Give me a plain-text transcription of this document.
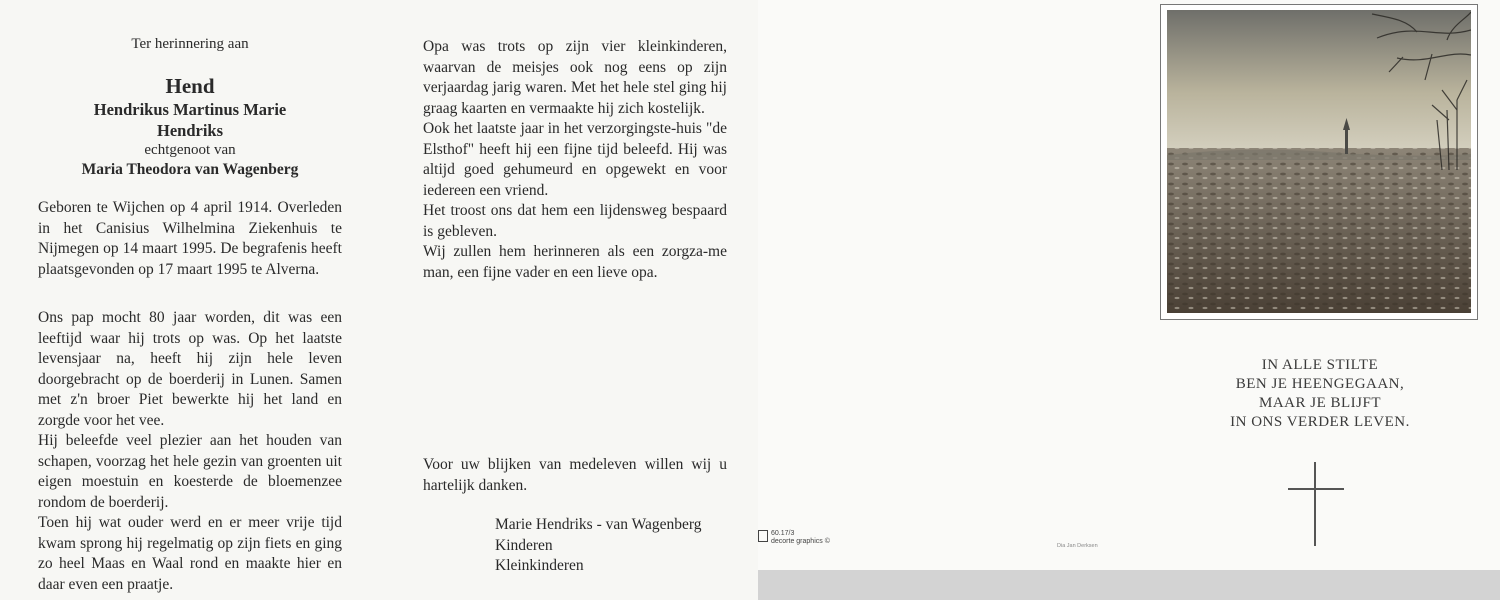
Ter herinnering aan
Hend
Hendrikus Martinus Marie
Hendriks
echtgenoot van
Maria Theodora van Wagenberg

Geboren te Wijchen op 4 april 1914. Overleden in het Canisius Wilhelmina Ziekenhuis te Nijmegen op 14 maart 1995. De begrafenis heeft plaatsgevonden op 17 maart 1995 te Alverna.

Ons pap mocht 80 jaar worden, dit was een leeftijd waar hij trots op was. Op het laatste levensjaar na, heeft hij zijn hele leven doorgebracht op de boerderij in Lunen. Samen met z'n broer Piet bewerkte hij het land en zorgde voor het vee.

Hij beleefde veel plezier aan het houden van schapen, voorzag het hele gezin van groenten uit eigen moestuin en koesterde de bloemenzee rondom de boerderij.

Toen hij wat ouder werd en er meer vrije tijd kwam sprong hij regelmatig op zijn fiets en ging zo heel Maas en Waal rond en maakte hier en daar even een praatje.

Opa was trots op zijn vier kleinkinderen, waarvan de meisjes ook nog eens op zijn verjaardag jarig waren. Met het hele stel ging hij graag kaarten en vermaakte hij zich kostelijk.

Ook het laatste jaar in het verzorgingste-huis "de Elsthof" heeft hij een fijne tijd beleefd. Hij was altijd goed gehumeurd en opgewekt en voor iedereen een vriend.

Het troost ons dat hem een lijdensweg bespaard is gebleven.

Wij zullen hem herinneren als een zorgza-me man, een fijne vader en een lieve opa.

Voor uw blijken van medeleven willen wij u hartelijk danken.

Marie Hendriks - van Wagenberg
Kinderen
Kleinkinderen
IN ALLE STILTE
BEN JE HEENGEGAAN,
MAAR JE BLIJFT
IN ONS VERDER LEVEN.
60.17/3
decorte graphics ©
Dia Jan Derksen
